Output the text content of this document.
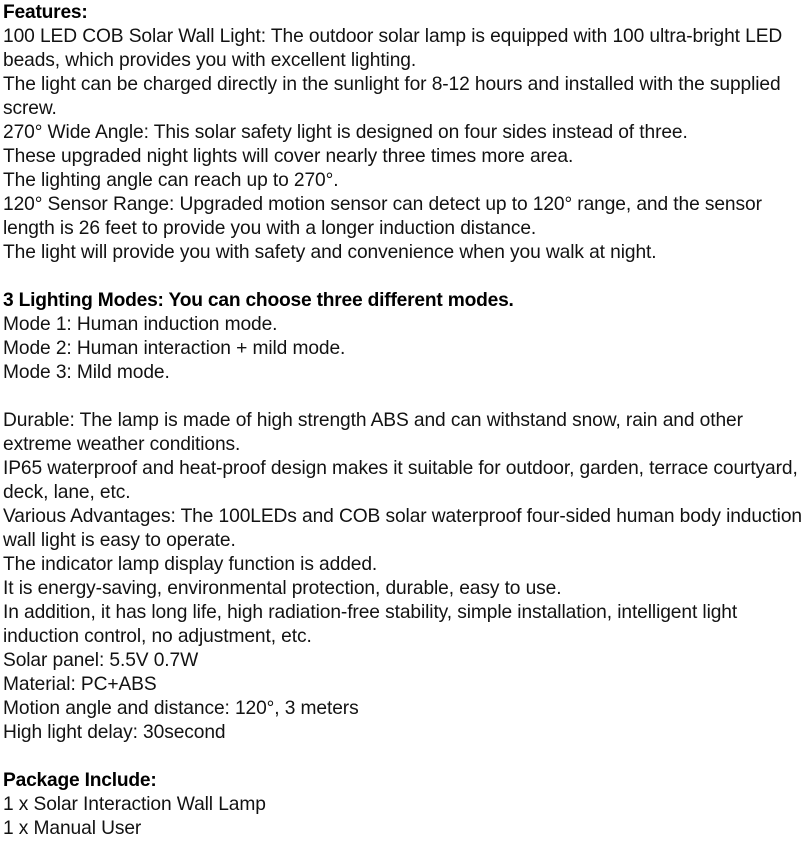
Features:
100 LED COB Solar Wall Light: The outdoor solar lamp is equipped with 100 ultra-bright LED beads, which provides you with excellent lighting.
The light can be charged directly in the sunlight for 8-12 hours and installed with the supplied screw.
270° Wide Angle: This solar safety light is designed on four sides instead of three.
These upgraded night lights will cover nearly three times more area.
The lighting angle can reach up to 270°.
120° Sensor Range: Upgraded motion sensor can detect up to 120° range, and the sensor length is 26 feet to provide you with a longer induction distance.
The light will provide you with safety and convenience when you walk at night.
3 Lighting Modes: You can choose three different modes.
Mode 1: Human induction mode.
Mode 2: Human interaction + mild mode.
Mode 3: Mild mode.
Durable: The lamp is made of high strength ABS and can withstand snow, rain and other extreme weather conditions.
IP65 waterproof and heat-proof design makes it suitable for outdoor, garden, terrace courtyard, deck, lane, etc.
Various Advantages: The 100LEDs and COB solar waterproof four-sided human body induction wall light is easy to operate.
The indicator lamp display function is added.
It is energy-saving, environmental protection, durable, easy to use.
In addition, it has long life, high radiation-free stability, simple installation, intelligent light induction control, no adjustment, etc.
Solar panel: 5.5V 0.7W
Material: PC+ABS
Motion angle and distance: 120°, 3 meters
High light delay: 30second
Package Include:
1 x Solar Interaction Wall Lamp
1 x Manual User
